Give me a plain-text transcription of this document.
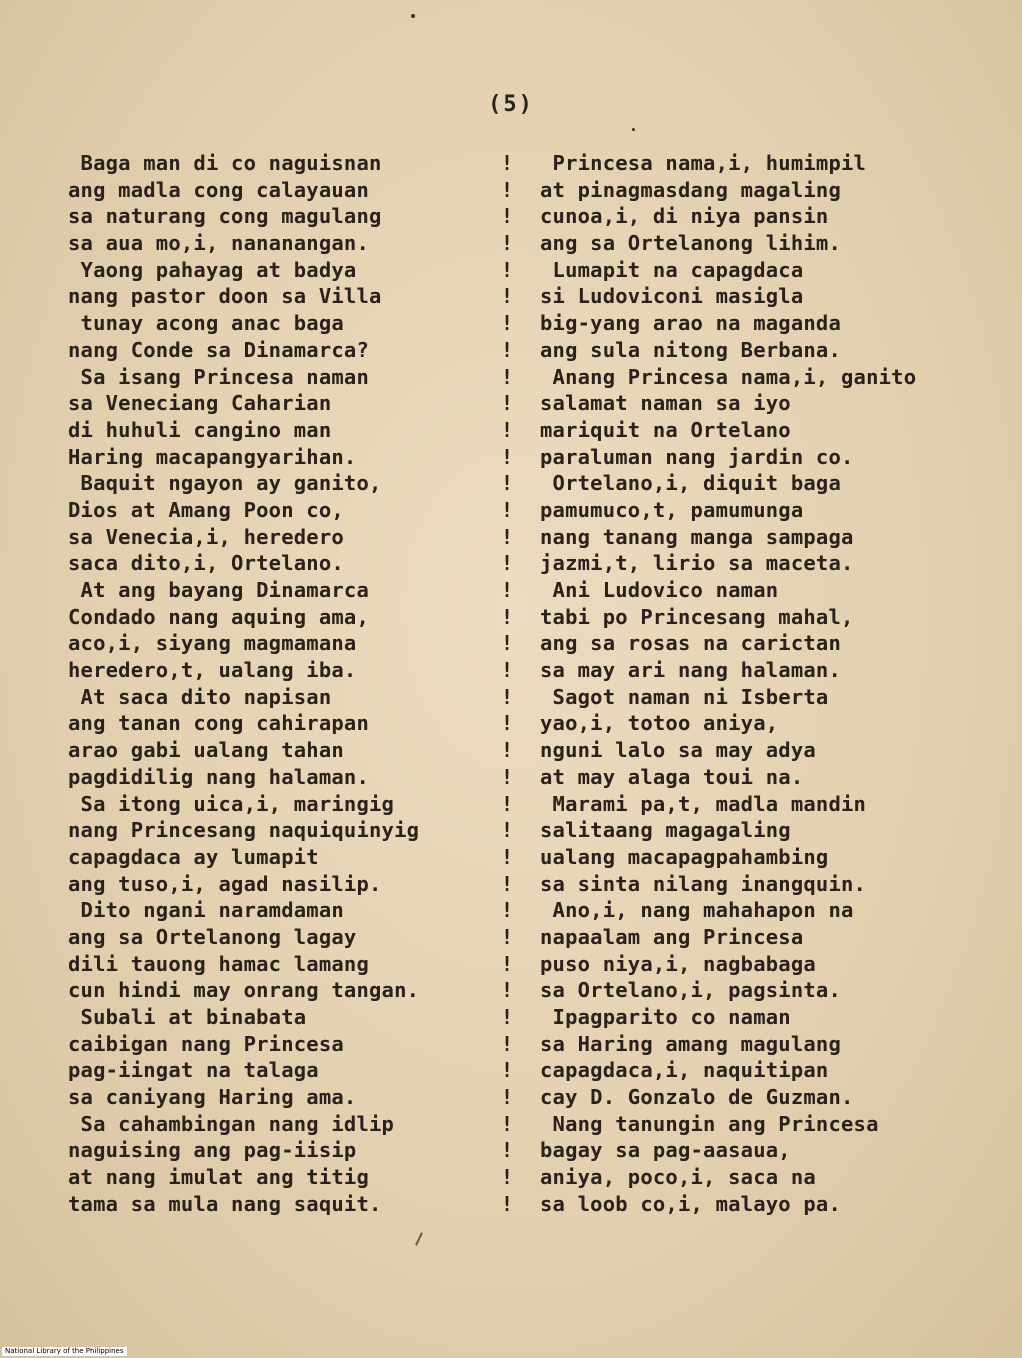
(5)
Baga man di co naguisnan
ang madla cong calayauan
sa naturang cong magulang
sa aua mo,i, nananangan.
Yaong pahayag at badya
nang pastor doon sa Villa
tunay acong anac baga
nang Conde sa Dinamarca?
Sa isang Princesa naman
sa Veneciang Caharian
di huhuli cangino man
Haring macapangyarihan.
Baquit ngayon ay ganito,
Dios at Amang Poon co,
sa Venecia,i, heredero
saca dito,i, Ortelano.
At ang bayang Dinamarca
Condado nang aquing ama,
aco,i, siyang magmamana
heredero,t, ualang iba.
At saca dito napisan
ang tanan cong cahirapan
arao gabi ualang tahan
pagdidilig nang halaman.
Sa itong uica,i, maringig
nang Princesang naquiquinyig
capagdaca ay lumapit
ang tuso,i, agad nasilip.
Dito ngani naramdaman
ang sa Ortelanong lagay
dili tauong hamac lamang
cun hindi may onrang tangan.
Subali at binabata
caibigan nang Princesa
pag-iingat na talaga
sa caniyang Haring ama.
Sa cahambingan nang idlip
naguising ang pag-iisip
at nang imulat ang titig
tama sa mula nang saquit.
!
!
!
!
!
!
!
!
!
!
!
!
!
!
!
!
!
!
!
!
!
!
!
!
!
!
!
!
!
!
!
!
!
!
!
!
!
!
!
!
Princesa nama,i, humimpil
at pinagmasdang magaling
cunoa,i, di niya pansin
ang sa Ortelanong lihim.
Lumapit na capagdaca
si Ludoviconi masigla
big-yang arao na maganda
ang sula nitong Berbana.
Anang Princesa nama,i, ganito
salamat naman sa iyo
mariquit na Ortelano
paraluman nang jardin co.
Ortelano,i, diquit baga
pamumuco,t, pamumunga
nang tanang manga sampaga
jazmi,t, lirio sa maceta.
Ani Ludovico naman
tabi po Princesang mahal,
ang sa rosas na carictan
sa may ari nang halaman.
Sagot naman ni Isberta
yao,i, totoo aniya,
nguni lalo sa may adya
at may alaga toui na.
Marami pa,t, madla mandin
salitaang magagaling
ualang macapagpahambing
sa sinta nilang inangquin.
Ano,i, nang mahahapon na
napaalam ang Princesa
puso niya,i, nagbabaga
sa Ortelano,i, pagsinta.
Ipagparito co naman
sa Haring amang magulang
capagdaca,i, naquitipan
cay D. Gonzalo de Guzman.
Nang tanungin ang Princesa
bagay sa pag-aasaua,
aniya, poco,i, saca na
sa loob co,i, malayo pa.
National Library of the Philippines
